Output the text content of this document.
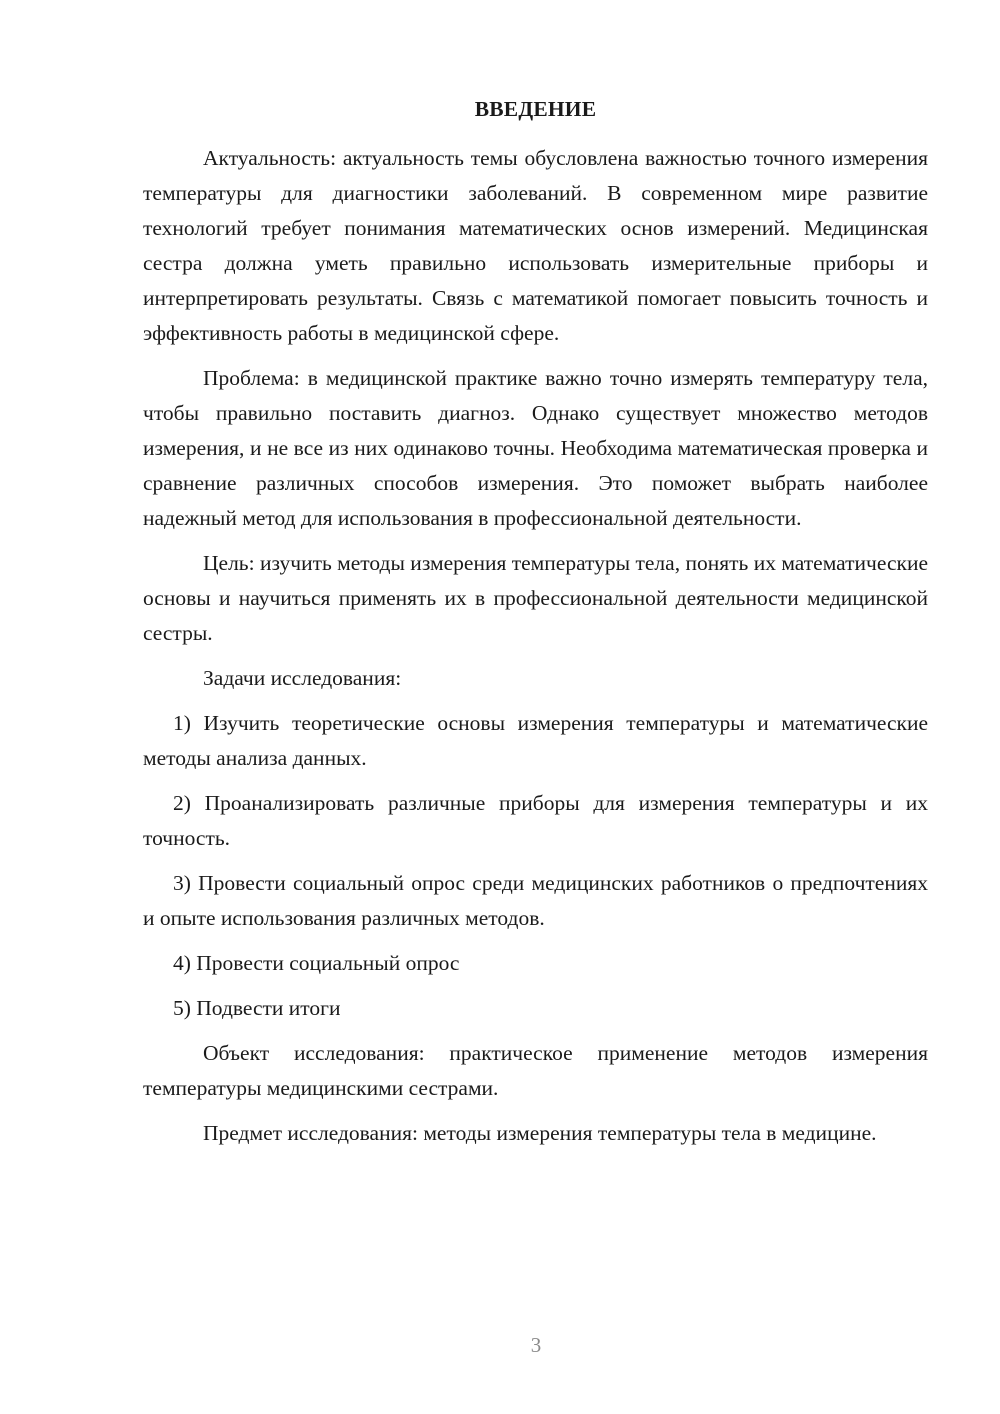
ВВЕДЕНИЕ

Актуальность: актуальность темы обусловлена важностью точного измерения температуры для диагностики заболеваний. В современном мире развитие технологий требует понимания математических основ измерений. Медицинская сестра должна уметь правильно использовать измерительные приборы и интерпретировать результаты. Связь с математикой помогает повысить точность и эффективность работы в медицинской сфере.

Проблема: в медицинской практике важно точно измерять температуру тела, чтобы правильно поставить диагноз. Однако существует множество методов измерения, и не все из них одинаково точны. Необходима математическая проверка и сравнение различных способов измерения. Это поможет выбрать наиболее надежный метод для использования в профессиональной деятельности.

Цель: изучить методы измерения температуры тела, понять их математические основы и научиться применять их в профессиональной деятельности медицинской сестры.

Задачи исследования:

1) Изучить теоретические основы измерения температуры и математические методы анализа данных.

2) Проанализировать различные приборы для измерения температуры и их точность.

3) Провести социальный опрос среди медицинских работников о предпочтениях и опыте использования различных методов.

4) Провести социальный опрос

5) Подвести итоги

Объект исследования: практическое применение методов измерения температуры медицинскими сестрами.

Предмет исследования: методы измерения температуры тела в медицине.

3
